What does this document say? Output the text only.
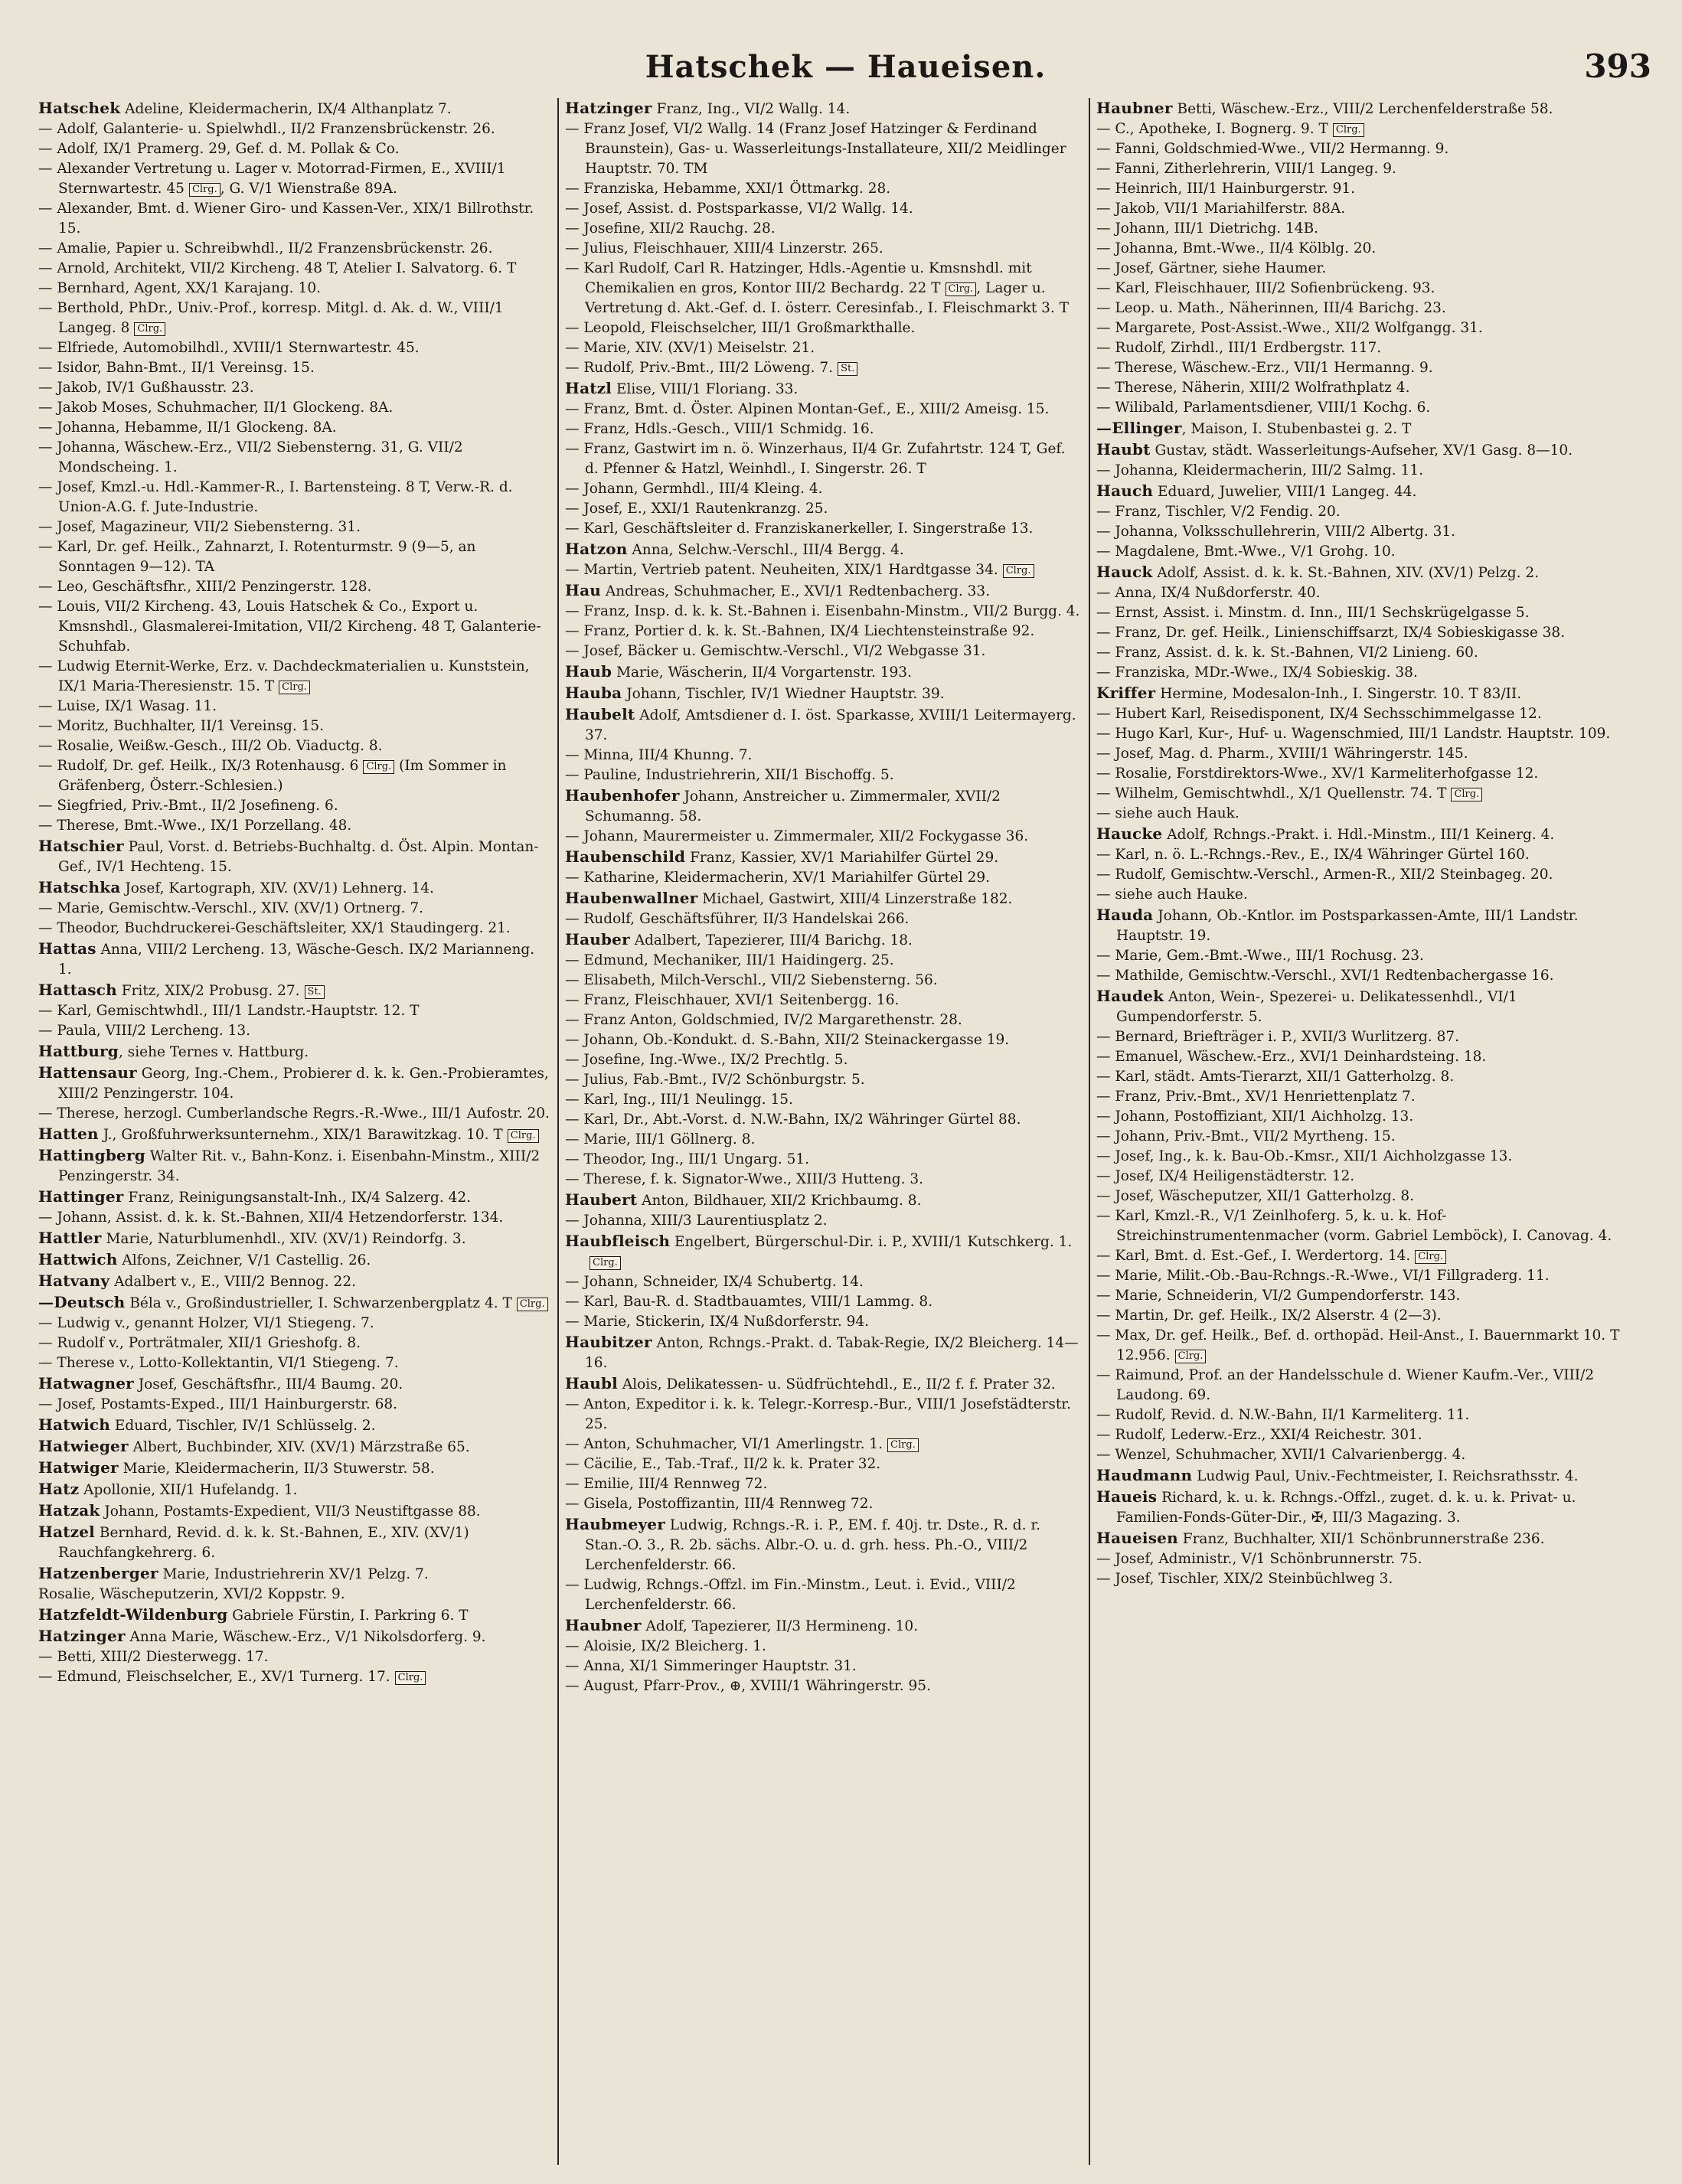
Hatschek — Haueisen.	393
Hatschek Adeline, Kleidermacherin, IX/4 Althanplatz 7.
— Adolf, Galanterie- u. Spielwhdl., II/2 Franzensbrückenstr. 26.
— Adolf, IX/1 Pramerg. 29, Gef. d. M. Pollak & Co.
— Alexander Vertretung u. Lager v. Motorrad-Firmen, E., XVIII/1 Sternwartestr. 45 Clrg. , G. V/1 Wienstraße 89A.
— Alexander, Bmt. d. Wiener Giro- und Kassen-Ver., XIX/1 Billrothstr. 15.
— Amalie, Papier u. Schreibwhdl., II/2 Franzensbrückenstr. 26.
— Arnold, Architekt, VII/2 Kircheng. 48 T, Atelier I. Salvatorg. 6. T
— Bernhard, Agent, XX/1 Karajang. 10.
— Berthold, PhDr., Univ.-Prof., korresp. Mitgl. d. Ak. d. W., VIII/1 Langeg. 8 Clrg.
— Elfriede, Automobilhdl., XVIII/1 Sternwartestr. 45.
— Isidor, Bahn-Bmt., II/1 Vereinsg. 15.
— Jakob, IV/1 Gußhausstr. 23.
— Jakob Moses, Schuhmacher, II/1 Glockeng. 8A.
— Johanna, Hebamme, II/1 Glockeng. 8A.
— Johanna, Wäschew.-Erz., VII/2 Siebensterng. 31, G. VII/2 Mondscheing. 1.
— Josef, Kmzl.-u. Hdl.-Kammer-R., I. Bartensteing. 8 T, Verw.-R. d. Union-A.G. f. Jute-Industrie.
— Josef, Magazineur, VII/2 Siebensterng. 31.
— Karl, Dr. gef. Heilk., Zahnarzt, I. Rotenturmstr. 9 (9—5, an Sonntagen 9—12). TA
— Leo, Geschäftsfhr., XIII/2 Penzingerstr. 128.
— Louis, VII/2 Kircheng. 43, Louis Hatschek & Co., Export u. Kmsnshdl., Glasmalerei-Imitation, VII/2 Kircheng. 48 T, Galanterie-Schuhfab.
— Ludwig Eternit-Werke, Erz. v. Dachdeckmaterialien u. Kunststein, IX/1 Maria-Theresienstr. 15. T Clrg.
— Luise, IX/1 Wasag. 11.
— Moritz, Buchhalter, II/1 Vereinsg. 15.
— Rosalie, Weißw.-Gesch., III/2 Ob. Viaductg. 8.
— Rudolf, Dr. gef. Heilk., IX/3 Rotenhausg. 6 Clrg. (Im Sommer in Gräfenberg, Österr.-Schlesien.)
— Siegfried, Priv.-Bmt., II/2 Josefineng. 6.
— Therese, Bmt.-Wwe., IX/1 Porzellang. 48.
Hatschier Paul, Vorst. d. Betriebs-Buchhaltg. d. Öst. Alpin. Montan-Gef., IV/1 Hechteng. 15.
Hatschka Josef, Kartograph, XIV. (XV/1) Lehnerg. 14.
— Marie, Gemischtw.-Verschl., XIV. (XV/1) Ortnerg. 7.
— Theodor, Buchdruckerei-Geschäftsleiter, XX/1 Staudingerg. 21.
Hattas Anna, VIII/2 Lercheng. 13, Wäsche-Gesch. IX/2 Marianneng. 1.
Hattasch Fritz, XIX/2 Probusg. 27. St.
— Karl, Gemischtwhdl., III/1 Landstr.-Hauptstr. 12. T
— Paula, VIII/2 Lercheng. 13.
Hattburg, siehe Ternes v. Hattburg.
Hattensaur Georg, Ing.-Chem., Probierer d. k. k. Gen.-Probieramtes, XIII/2 Penzingerstr. 104.
— Therese, herzogl. Cumberlandsche Regrs.-R.-Wwe., III/1 Aufostr. 20.
Hatten J., Großfuhrwerksunternehm., XIX/1 Barawitzkag. 10. T Clrg.
Hattingberg Walter Rit. v., Bahn-Konz. i. Eisenbahn-Minstm., XIII/2 Penzingerstr. 34.
Hattinger Franz, Reinigungsanstalt-Inh., IX/4 Salzerg. 42.
— Johann, Assist. d. k. k. St.-Bahnen, XII/4 Hetzendorferstr. 134.
Hattler Marie, Naturblumenhdl., XIV. (XV/1) Reindorfg. 3.
Hattwich Alfons, Zeichner, V/1 Castellig. 26.
Hatvany Adalbert v., E., VIII/2 Bennog. 22.
—Deutsch Béla v., Großindustrieller, I. Schwarzenbergplatz 4. T Clrg.
— Ludwig v., genannt Holzer, VI/1 Stiegeng. 7.
— Rudolf v., Porträtmaler, XII/1 Grieshofg. 8.
— Therese v., Lotto-Kollektantin, VI/1 Stiegeng. 7.
Hatwagner Josef, Geschäftsfhr., III/4 Baumg. 20.
— Josef, Postamts-Exped., III/1 Hainburgerstr. 68.
Hatwich Eduard, Tischler, IV/1 Schlüsselg. 2.
Hatwieger Albert, Buchbinder, XIV. (XV/1) Märzstraße 65.
Hatwiger Marie, Kleidermacherin, II/3 Stuwerstr. 58.
Hatz Apollonie, XII/1 Hufelandg. 1.
Hatzak Johann, Postamts-Expedient, VII/3 Neustiftgasse 88.
Hatzel Bernhard, Revid. d. k. k. St.-Bahnen, E., XIV. (XV/1) Rauchfangkehrerg. 6.
Hatzenberger Marie, Industriehrerin XV/1 Pelzg. 7.
Rosalie, Wäscheputzerin, XVI/2 Koppstr. 9.
Hatzfeldt-Wildenburg Gabriele Fürstin, I. Parkring 6. T
Hatzinger Anna Marie, Wäschew.-Erz., V/1 Nikolsdorferg. 9.
— Betti, XIII/2 Diesterwegg. 17.
— Edmund, Fleischselcher, E., XV/1 Turnerg. 17. Clrg.
Hatzinger Franz, Ing., VI/2 Wallg. 14.
— Franz Josef, VI/2 Wallg. 14 (Franz Josef Hatzinger & Ferdinand Braunstein), Gas- u. Wasserleitungs-Installateure, XII/2 Meidlinger Hauptstr. 70. TM
— Franziska, Hebamme, XXI/1 Öttmarkg. 28.
— Josef, Assist. d. Postsparkasse, VI/2 Wallg. 14.
— Josefine, XII/2 Rauchg. 28.
— Julius, Fleischhauer, XIII/4 Linzerstr. 265.
— Karl Rudolf, Carl R. Hatzinger, Hdls.-Agentie u. Kmsnshdl. mit Chemikalien en gros, Kontor III/2 Bechardg. 22 T Clrg. , Lager u. Vertretung d. Akt.-Gef. d. I. österr. Ceresinfab., I. Fleischmarkt 3. T
— Leopold, Fleischselcher, III/1 Großmarkthalle.
— Marie, XIV. (XV/1) Meiselstr. 21.
— Rudolf, Priv.-Bmt., III/2 Löweng. 7. St.
Hatzl Elise, VIII/1 Floriang. 33.
— Franz, Bmt. d. Öster. Alpinen Montan-Gef., E., XIII/2 Ameisg. 15.
— Franz, Hdls.-Gesch., VIII/1 Schmidg. 16.
— Franz, Gastwirt im n. ö. Winzerhaus, II/4 Gr. Zufahrtstr. 124 T, Gef. d. Pfenner & Hatzl, Weinhdl., I. Singerstr. 26. T
— Johann, Germhdl., III/4 Kleing. 4.
— Josef, E., XXI/1 Rautenkranzg. 25.
— Karl, Geschäftsleiter d. Franziskanerkeller, I. Singerstraße 13.
Hatzon Anna, Selchw.-Verschl., III/4 Bergg. 4.
— Martin, Vertrieb patent. Neuheiten, XIX/1 Hardtgasse 34. Clrg.
Hau Andreas, Schuhmacher, E., XVI/1 Redtenbacherg. 33.
— Franz, Insp. d. k. k. St.-Bahnen i. Eisenbahn-Minstm., VII/2 Burgg. 4.
— Franz, Portier d. k. k. St.-Bahnen, IX/4 Liechtensteinstraße 92.
— Josef, Bäcker u. Gemischtw.-Verschl., VI/2 Webgasse 31.
Haub Marie, Wäscherin, II/4 Vorgartenstr. 193.
Hauba Johann, Tischler, IV/1 Wiedner Hauptstr. 39.
Haubelt Adolf, Amtsdiener d. I. öst. Sparkasse, XVIII/1 Leitermayerg. 37.
— Minna, III/4 Khunng. 7.
— Pauline, Industriehrerin, XII/1 Bischoffg. 5.
Haubenhofer Johann, Anstreicher u. Zimmermaler, XVII/2 Schumanng. 58.
— Johann, Maurermeister u. Zimmermaler, XII/2 Fockygasse 36.
Haubenschild Franz, Kassier, XV/1 Mariahilfer Gürtel 29.
— Katharine, Kleidermacherin, XV/1 Mariahilfer Gürtel 29.
Haubenwallner Michael, Gastwirt, XIII/4 Linzerstraße 182.
— Rudolf, Geschäftsführer, II/3 Handelskai 266.
Hauber Adalbert, Tapezierer, III/4 Barichg. 18.
— Edmund, Mechaniker, III/1 Haidingerg. 25.
— Elisabeth, Milch-Verschl., VII/2 Siebensterng. 56.
— Franz, Fleischhauer, XVI/1 Seitenbergg. 16.
— Franz Anton, Goldschmied, IV/2 Margarethenstr. 28.
— Johann, Ob.-Kondukt. d. S.-Bahn, XII/2 Steinackergasse 19.
— Josefine, Ing.-Wwe., IX/2 Prechtlg. 5.
— Julius, Fab.-Bmt., IV/2 Schönburgstr. 5.
— Karl, Ing., III/1 Neulingg. 15.
— Karl, Dr., Abt.-Vorst. d. N.W.-Bahn, IX/2 Währinger Gürtel 88.
— Marie, III/1 Göllnerg. 8.
— Theodor, Ing., III/1 Ungarg. 51.
— Therese, f. k. Signator-Wwe., XIII/3 Hutteng. 3.
Haubert Anton, Bildhauer, XII/2 Krichbaumg. 8.
— Johanna, XIII/3 Laurentiusplatz 2.
Haubfleisch Engelbert, Bürgerschul-Dir. i. P., XVIII/1 Kutschkerg. 1.Clrg.
— Johann, Schneider, IX/4 Schubertg. 14.
— Karl, Bau-R. d. Stadtbauamtes, VIII/1 Lammg. 8.
— Marie, Stickerin, IX/4 Nußdorferstr. 94.
Haubitzer Anton, Rchngs.-Prakt. d. Tabak-Regie, IX/2 Bleicherg. 14—16.
Haubl Alois, Delikatessen- u. Südfrüchtehdl., E., II/2 f. f. Prater 32.
— Anton, Expeditor i. k. k. Telegr.-Korresp.-Bur., VIII/1 Josefstädterstr. 25.
— Anton, Schuhmacher, VI/1 Amerlingstr. 1. Clrg.
— Cäcilie, E., Tab.-Traf., II/2 k. k. Prater 32.
— Emilie, III/4 Rennweg 72.
— Gisela, Postoffizantin, III/4 Rennweg 72.
Haubmeyer Ludwig, Rchngs.-R. i. P., EM. f. 40j. tr. Dste., R. d. r. Stan.-O. 3., R. 2b. sächs. Albr.-O. u. d. grh. hess. Ph.-O., VIII/2 Lerchenfelderstr. 66.
— Ludwig, Rchngs.-Offzl. im Fin.-Minstm., Leut. i. Evid., VIII/2 Lerchenfelderstr. 66.
Haubner Adolf, Tapezierer, II/3 Hermineng. 10.
— Aloisie, IX/2 Bleicherg. 1.
— Anna, XI/1 Simmeringer Hauptstr. 31.
— August, Pfarr-Prov., ⊕, XVIII/1 Währingerstr. 95.
Haubner Betti, Wäschew.-Erz., VIII/2 Lerchenfelderstraße 58.
— C., Apotheke, I. Bognerg. 9. T Clrg.
— Fanni, Goldschmied-Wwe., VII/2 Hermanng. 9.
— Fanni, Zitherlehrerin, VIII/1 Langeg. 9.
— Heinrich, III/1 Hainburgerstr. 91.
— Jakob, VII/1 Mariahilferstr. 88A.
— Johann, III/1 Dietrichg. 14B.
— Johanna, Bmt.-Wwe., II/4 Kölblg. 20.
— Josef, Gärtner, siehe Haumer.
— Karl, Fleischhauer, III/2 Sofienbrückeng. 93.
— Leop. u. Math., Näherinnen, III/4 Barichg. 23.
— Margarete, Post-Assist.-Wwe., XII/2 Wolfgangg. 31.
— Rudolf, Zirhdl., III/1 Erdbergstr. 117.
— Therese, Wäschew.-Erz., VII/1 Hermanng. 9.
— Therese, Näherin, XIII/2 Wolfrathplatz 4.
— Wilibald, Parlamentsdiener, VIII/1 Kochg. 6.
—Ellinger, Maison, I. Stubenbastei g. 2. T
Haubt Gustav, städt. Wasserleitungs-Aufseher, XV/1 Gasg. 8—10.
— Johanna, Kleidermacherin, III/2 Salmg. 11.
Hauch Eduard, Juwelier, VIII/1 Langeg. 44.
— Franz, Tischler, V/2 Fendig. 20.
— Johanna, Volksschullehrerin, VIII/2 Albertg. 31.
— Magdalene, Bmt.-Wwe., V/1 Grohg. 10.
Hauck Adolf, Assist. d. k. k. St.-Bahnen, XIV. (XV/1) Pelzg. 2.
— Anna, IX/4 Nußdorferstr. 40.
— Ernst, Assist. i. Minstm. d. Inn., III/1 Sechskrügelgasse 5.
— Franz, Dr. gef. Heilk., Linienschiffsarzt, IX/4 Sobieskigasse 38.
— Franz, Assist. d. k. k. St.-Bahnen, VI/2 Linieng. 60.
— Franziska, MDr.-Wwe., IX/4 Sobieskig. 38.
Kriffer Hermine, Modesalon-Inh., I. Singerstr. 10. T 83/II.
— Hubert Karl, Reisedisponent, IX/4 Sechsschimmelgasse 12.
— Hugo Karl, Kur-, Huf- u. Wagenschmied, III/1 Landstr. Hauptstr. 109.
— Josef, Mag. d. Pharm., XVIII/1 Währingerstr. 145.
— Rosalie, Forstdirektors-Wwe., XV/1 Karmeliterhofgasse 12.
— Wilhelm, Gemischtwhdl., X/1 Quellenstr. 74. T Clrg.
— siehe auch Hauk.
Haucke Adolf, Rchngs.-Prakt. i. Hdl.-Minstm., III/1 Keinerg. 4.
— Karl, n. ö. L.-Rchngs.-Rev., E., IX/4 Währinger Gürtel 160.
— Rudolf, Gemischtw.-Verschl., Armen-R., XII/2 Steinbageg. 20.
— siehe auch Hauke.
Hauda Johann, Ob.-Kntlor. im Postsparkassen-Amte, III/1 Landstr. Hauptstr. 19.
— Marie, Gem.-Bmt.-Wwe., III/1 Rochusg. 23.
— Mathilde, Gemischtw.-Verschl., XVI/1 Redtenbachergasse 16.
Haudek Anton, Wein-, Spezerei- u. Delikatessenhdl., VI/1 Gumpendorferstr. 5.
— Bernard, Briefträger i. P., XVII/3 Wurlitzerg. 87.
— Emanuel, Wäschew.-Erz., XVI/1 Deinhardsteing. 18.
— Karl, städt. Amts-Tierarzt, XII/1 Gatterholzg. 8.
— Franz, Priv.-Bmt., XV/1 Henriettenplatz 7.
— Johann, Postoffiziant, XII/1 Aichholzg. 13.
— Johann, Priv.-Bmt., VII/2 Myrtheng. 15.
— Josef, Ing., k. k. Bau-Ob.-Kmsr., XII/1 Aichholzgasse 13.
— Josef, IX/4 Heiligenstädterstr. 12.
— Josef, Wäscheputzer, XII/1 Gatterholzg. 8.
— Karl, Kmzl.-R., V/1 Zeinlhoferg. 5, k. u. k. Hof-Streichinstrumentenmacher (vorm. Gabriel Lemböck), I. Canovag. 4.
— Karl, Bmt. d. Est.-Gef., I. Werdertorg. 14. Clrg.
— Marie, Milit.-Ob.-Bau-Rchngs.-R.-Wwe., VI/1 Fillgraderg. 11.
— Marie, Schneiderin, VI/2 Gumpendorferstr. 143.
— Martin, Dr. gef. Heilk., IX/2 Alserstr. 4 (2—3).
— Max, Dr. gef. Heilk., Bef. d. orthopäd. Heil-Anst., I. Bauernmarkt 10. T 12.956. Clrg.
— Raimund, Prof. an der Handelsschule d. Wiener Kaufm.-Ver., VIII/2 Laudong. 69.
— Rudolf, Revid. d. N.W.-Bahn, II/1 Karmeliterg. 11.
— Rudolf, Lederw.-Erz., XXI/4 Reichestr. 301.
— Wenzel, Schuhmacher, XVII/1 Calvarienbergg. 4.
Haudmann Ludwig Paul, Univ.-Fechtmeister, I. Reichsrathsstr. 4.
Haueis Richard, k. u. k. Rchngs.-Offzl., zuget. d. k. u. k. Privat- u. Familien-Fonds-Güter-Dir., ✠, III/3 Magazing. 3.
Haueisen Franz, Buchhalter, XII/1 Schönbrunnerstraße 236.
— Josef, Administr., V/1 Schönbrunnerstr. 75.
— Josef, Tischler, XIX/2 Steinbüchlweg 3.
